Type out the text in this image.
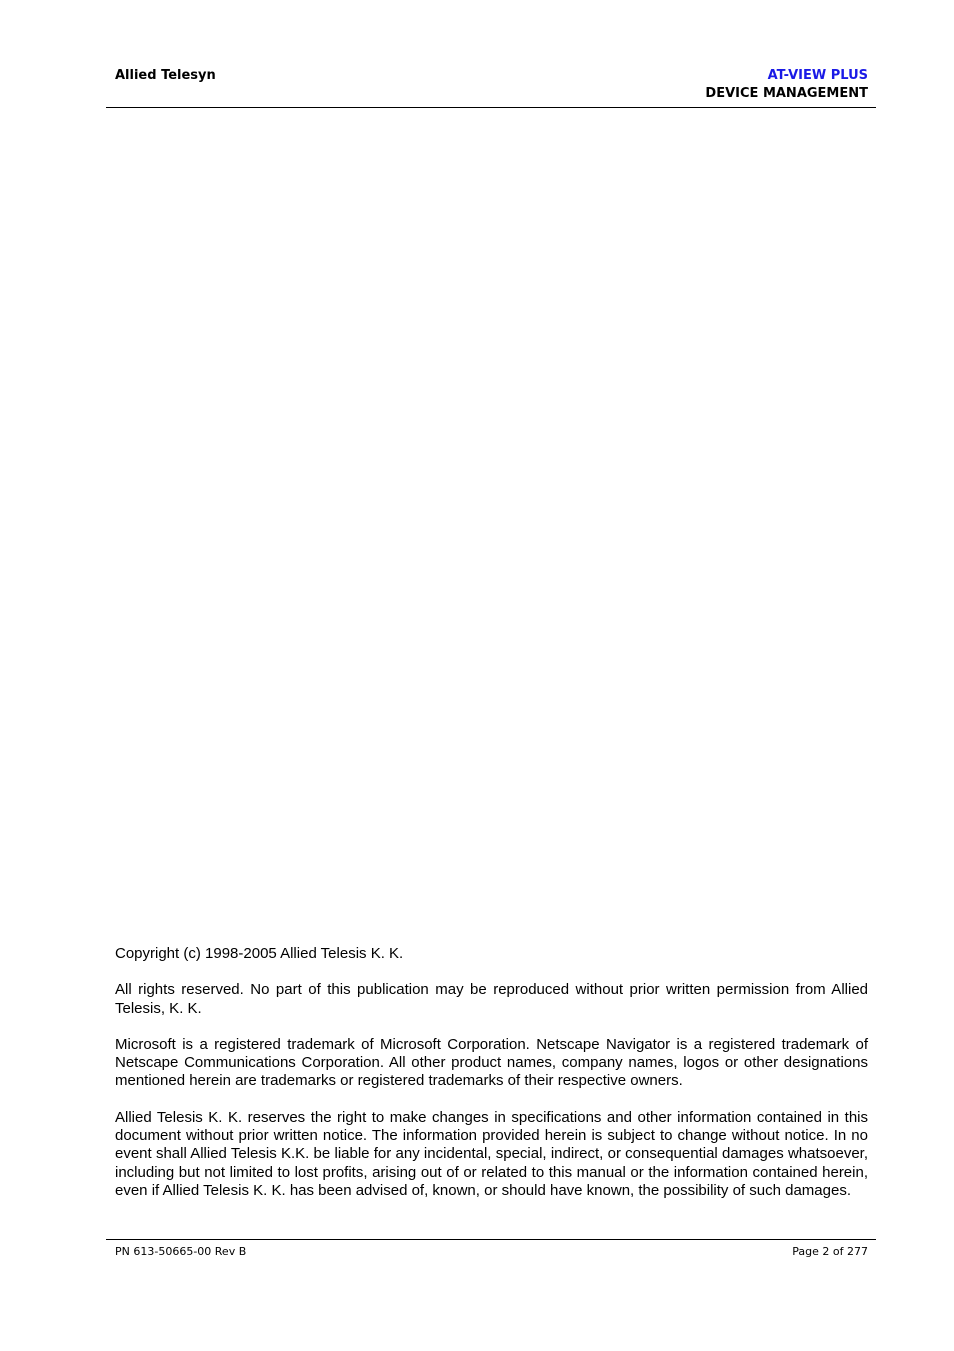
Allied Telesyn	AT-VIEW PLUS
DEVICE MANAGEMENT

Copyright (c) 1998-2005 Allied Telesis K. K.

All rights reserved. No part of this publication may be reproduced without prior written permission from Allied Telesis, K. K.

Microsoft is a registered trademark of Microsoft Corporation. Netscape Navigator is a registered trademark of Netscape Communications Corporation. All other product names, company names, logos or other designations mentioned herein are trademarks or registered trademarks of their respective owners.

Allied Telesis K. K. reserves the right to make changes in specifications and other information contained in this document without prior written notice. The information provided herein is subject to change without notice. In no event shall Allied Telesis K.K. be liable for any incidental, special, indirect, or consequential damages whatsoever, including but not limited to lost profits, arising out of or related to this manual or the information contained herein, even if Allied Telesis K. K. has been advised of, known, or should have known, the possibility of such damages.

PN 613-50665-00 Rev B	Page 2 of 277
